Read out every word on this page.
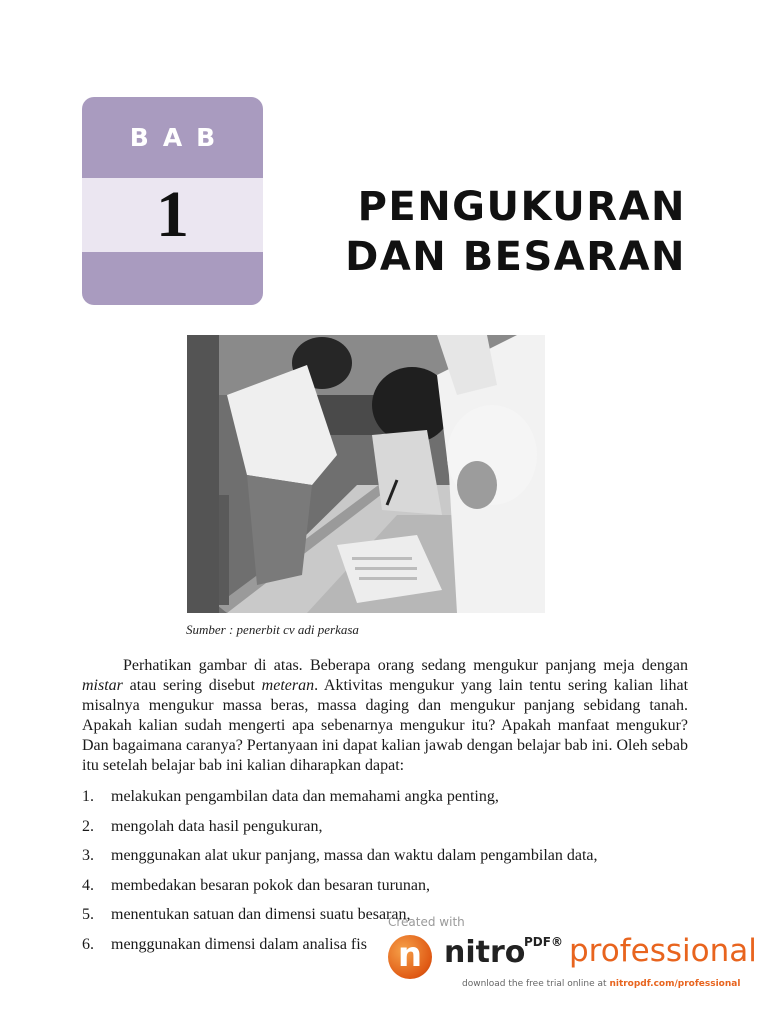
BAB
1	PENGUKURAN
DAN BESARAN
Sumber : penerbit cv adi perkasa
Perhatikan gambar di atas. Beberapa orang sedang mengukur panjang meja dengan mistar atau sering disebut meteran. Aktivitas mengukur yang lain tentu sering kalian lihat misalnya mengukur massa beras, massa daging dan mengukur panjang sebidang tanah. Apakah kalian sudah mengerti apa sebenarnya mengukur itu? Apakah manfaat mengukur? Dan bagaimana caranya? Pertanyaan ini dapat kalian jawab dengan belajar bab ini. Oleh sebab itu setelah belajar bab ini kalian diharapkan dapat:
1.	melakukan pengambilan data dan memahami angka penting,
2.	mengolah data hasil pengukuran,
3.	menggunakan alat ukur panjang, massa dan waktu dalam pengambilan data,
4.	membedakan besaran pokok dan besaran turunan,
5.	menentukan satuan dan dimensi suatu besaran,
6.	menggunakan dimensi dalam analisa fis
Created with
n nitro
PDF® professional
download the free trial online at nitropdf.com/professional
